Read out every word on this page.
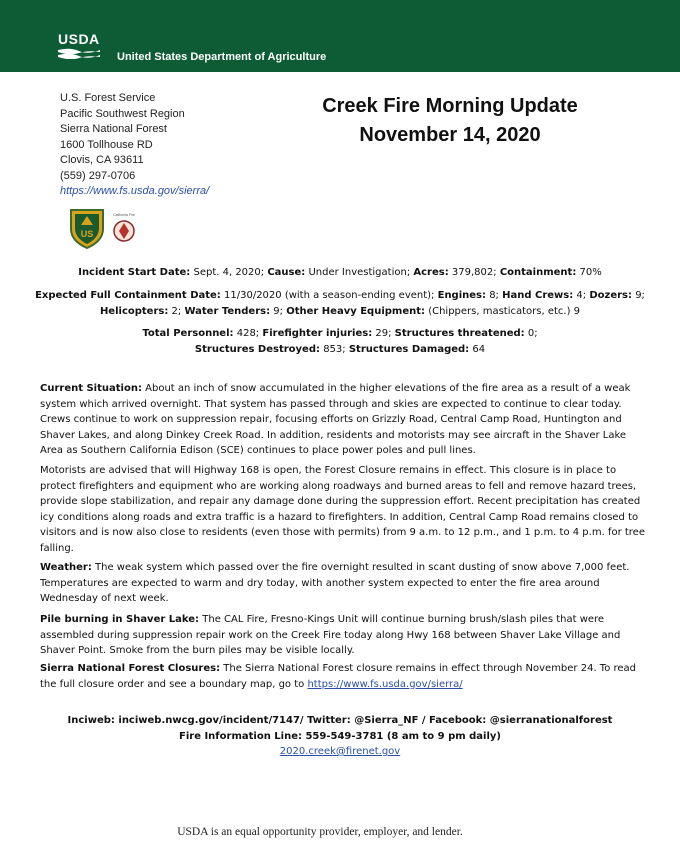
USDA
United States Department of Agriculture
U.S. Forest Service
Pacific Southwest Region
Sierra National Forest
1600 Tollhouse RD
Clovis, CA 93611
(559) 297-0706
https://www.fs.usda.gov/sierra/
Creek Fire Morning Update
November 14, 2020
US
California Fire
Incident Start Date: Sept. 4, 2020; Cause: Under Investigation; Acres: 379,802; Containment: 70%
Expected Full Containment Date: 11/30/2020 (with a season-ending event); Engines: 8; Hand Crews: 4; Dozers: 9; Helicopters: 2; Water Tenders: 9; Other Heavy Equipment: (Chippers, masticators, etc.) 9
Total Personnel: 428; Firefighter injuries: 29; Structures threatened: 0;
Structures Destroyed: 853; Structures Damaged: 64

Current Situation: About an inch of snow accumulated in the higher elevations of the fire area as a result of a weak system which arrived overnight. That system has passed through and skies are expected to continue to clear today. Crews continue to work on suppression repair, focusing efforts on Grizzly Road, Central Camp Road, Huntington and Shaver Lakes, and along Dinkey Creek Road. In addition, residents and motorists may see aircraft in the Shaver Lake Area as Southern California Edison (SCE) continues to place power poles and pull lines.

Motorists are advised that will Highway 168 is open, the Forest Closure remains in effect. This closure is in place to protect firefighters and equipment who are working along roadways and burned areas to fell and remove hazard trees, provide slope stabilization, and repair any damage done during the suppression effort. Recent precipitation has created icy conditions along roads and extra traffic is a hazard to firefighters. In addition, Central Camp Road remains closed to visitors and is now also close to residents (even those with permits) from 9 a.m. to 12 p.m., and 1 p.m. to 4 p.m. for tree falling.

Weather: The weak system which passed over the fire overnight resulted in scant dusting of snow above 7,000 feet. Temperatures are expected to warm and dry today, with another system expected to enter the fire area around Wednesday of next week.

Pile burning in Shaver Lake: The CAL Fire, Fresno-Kings Unit will continue burning brush/slash piles that were assembled during suppression repair work on the Creek Fire today along Hwy 168 between Shaver Lake Village and Shaver Point. Smoke from the burn piles may be visible locally.

Sierra National Forest Closures: The Sierra National Forest closure remains in effect through November 24. To read the full closure order and see a boundary map, go to https://www.fs.usda.gov/sierra/

Inciweb: inciweb.nwcg.gov/incident/7147/ Twitter: @Sierra_NF / Facebook: @sierranationalforest
Fire Information Line: 559-549-3781 (8 am to 9 pm daily)
2020.creek@firenet.gov
USDA is an equal opportunity provider, employer, and lender.
